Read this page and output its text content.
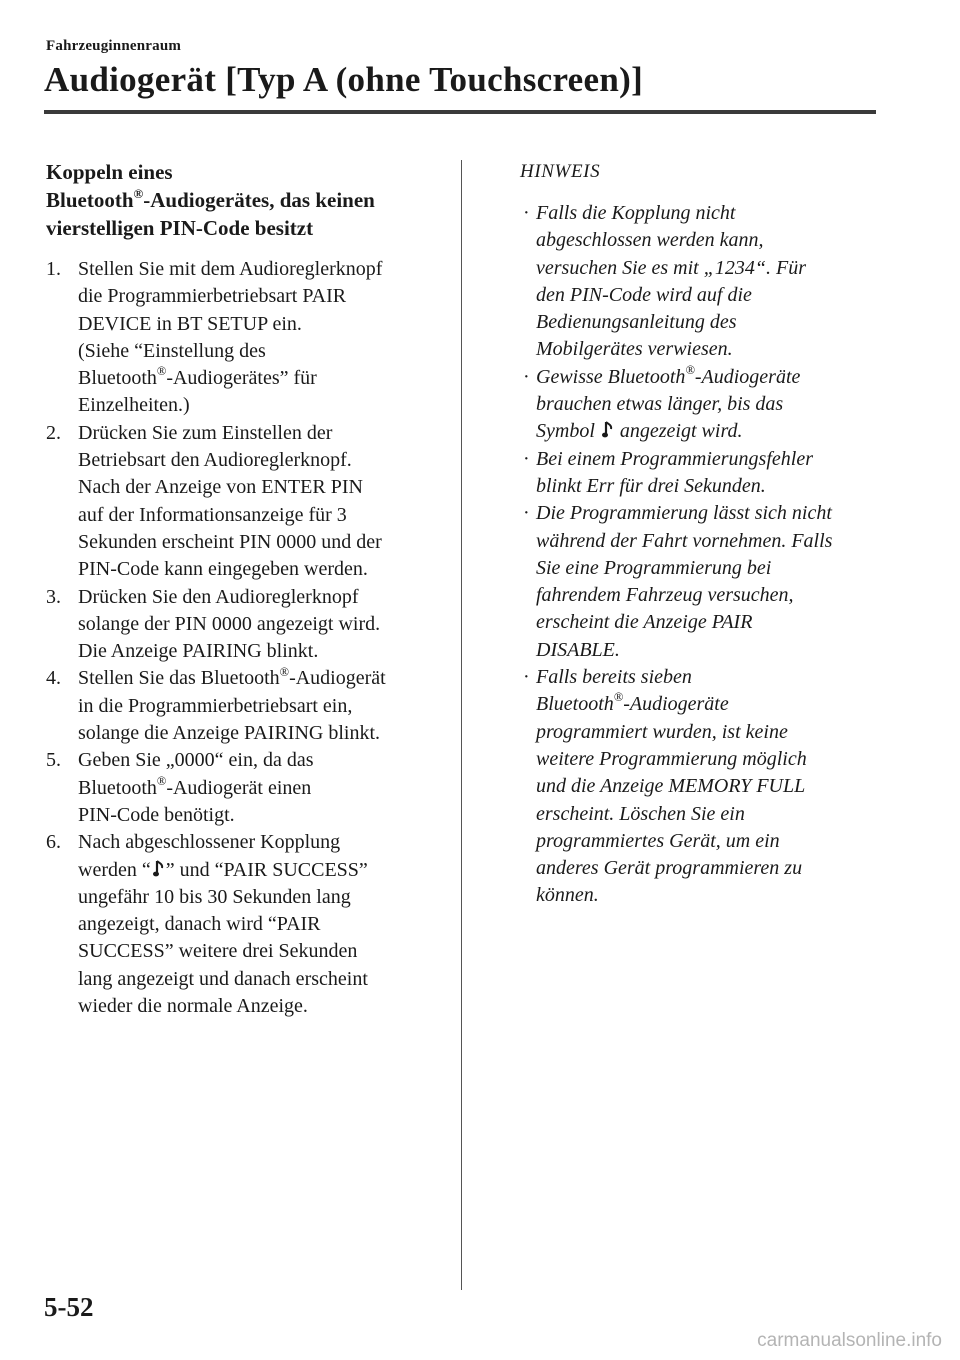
Fahrzeuginnenraum
Audiogerät [Typ A (ohne Touchscreen)]
Koppeln eines
Bluetooth®-Audiogerätes, das keinen
vierstelligen PIN-Code besitzt
1. Stellen Sie mit dem Audioreglerknopf
die Programmierbetriebsart PAIR
DEVICE in BT SETUP ein.
(Siehe “Einstellung des
Bluetooth®-Audiogerätes” für
Einzelheiten.)
2. Drücken Sie zum Einstellen der
Betriebsart den Audioreglerknopf.
Nach der Anzeige von ENTER PIN
auf der Informationsanzeige für 3
Sekunden erscheint PIN 0000 und der
PIN-Code kann eingegeben werden.
3. Drücken Sie den Audioreglerknopf
solange der PIN 0000 angezeigt wird.
Die Anzeige PAIRING blinkt.
4. Stellen Sie das Bluetooth®-Audiogerät
in die Programmierbetriebsart ein,
solange die Anzeige PAIRING blinkt.
5. Geben Sie „0000“ ein, da das
Bluetooth®-Audiogerät einen
PIN-Code benötigt.
6. Nach abgeschlossener Kopplung
werden “ ” und “PAIR SUCCESS”
ungefähr 10 bis 30 Sekunden lang
angezeigt, danach wird “PAIR
SUCCESS” weitere drei Sekunden
lang angezeigt und danach erscheint
wieder die normale Anzeige.
HINWEIS
· Falls die Kopplung nicht
abgeschlossen werden kann,
versuchen Sie es mit „1234“. Für
den PIN-Code wird auf die
Bedienungsanleitung des
Mobilgerätes verwiesen.
· Gewisse Bluetooth®-Audiogeräte
brauchen etwas länger, bis das
Symbol angezeigt wird.
· Bei einem Programmierungsfehler
blinkt Err für drei Sekunden.
· Die Programmierung lässt sich nicht
während der Fahrt vornehmen. Falls
Sie eine Programmierung bei
fahrendem Fahrzeug versuchen,
erscheint die Anzeige PAIR
DISABLE.
· Falls bereits sieben
Bluetooth®-Audiogeräte
programmiert wurden, ist keine
weitere Programmierung möglich
und die Anzeige MEMORY FULL
erscheint. Löschen Sie ein
programmiertes Gerät, um ein
anderes Gerät programmieren zu
können.
5-52
carmanualsonline.info
